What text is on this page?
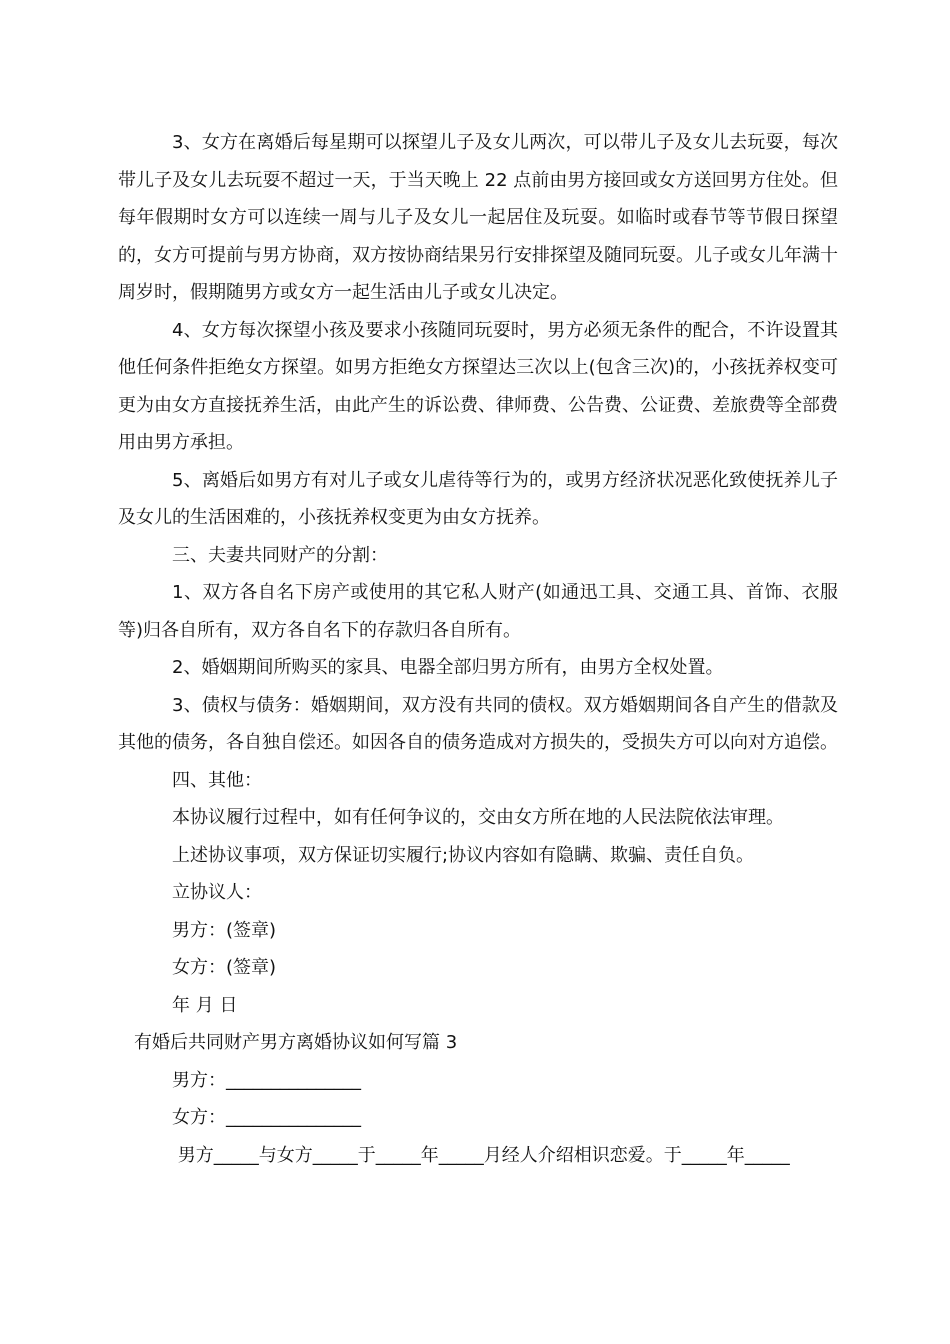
3、女方在离婚后每星期可以探望儿子及女儿两次，可以带儿子及女儿去玩耍，每次带儿子及女儿去玩耍不超过一天，于当天晚上 22 点前由男方接回或女方送回男方住处。但每年假期时女方可以连续一周与儿子及女儿一起居住及玩耍。如临时或春节等节假日探望的，女方可提前与男方协商，双方按协商结果另行安排探望及随同玩耍。儿子或女儿年满十周岁时，假期随男方或女方一起生活由儿子或女儿决定。

4、女方每次探望小孩及要求小孩随同玩耍时，男方必须无条件的配合，不许设置其他任何条件拒绝女方探望。如男方拒绝女方探望达三次以上(包含三次)的，小孩抚养权变可更为由女方直接抚养生活，由此产生的诉讼费、律师费、公告费、公证费、差旅费等全部费用由男方承担。

5、离婚后如男方有对儿子或女儿虐待等行为的，或男方经济状况恶化致使抚养儿子及女儿的生活困难的，小孩抚养权变更为由女方抚养。

三、夫妻共同财产的分割：

1、双方各自名下房产或使用的其它私人财产(如通迅工具、交通工具、首饰、衣服等)归各自所有，双方各自名下的存款归各自所有。

2、婚姻期间所购买的家具、电器全部归男方所有，由男方全权处置。

3、债权与债务：婚姻期间，双方没有共同的债权。双方婚姻期间各自产生的借款及其他的债务，各自独自偿还。如因各自的债务造成对方损失的，受损失方可以向对方追偿。

四、其他：

本协议履行过程中，如有任何争议的，交由女方所在地的人民法院依法审理。

上述协议事项，双方保证切实履行;协议内容如有隐瞒、欺骗、责任自负。

立协议人：

男方：(签章)

女方：(签章)

年 月 日

有婚后共同财产男方离婚协议如何写篇 3

男方：_______________

女方：_______________

男方_____与女方_____于_____年_____月经人介绍相识恋爱。于_____年_____
